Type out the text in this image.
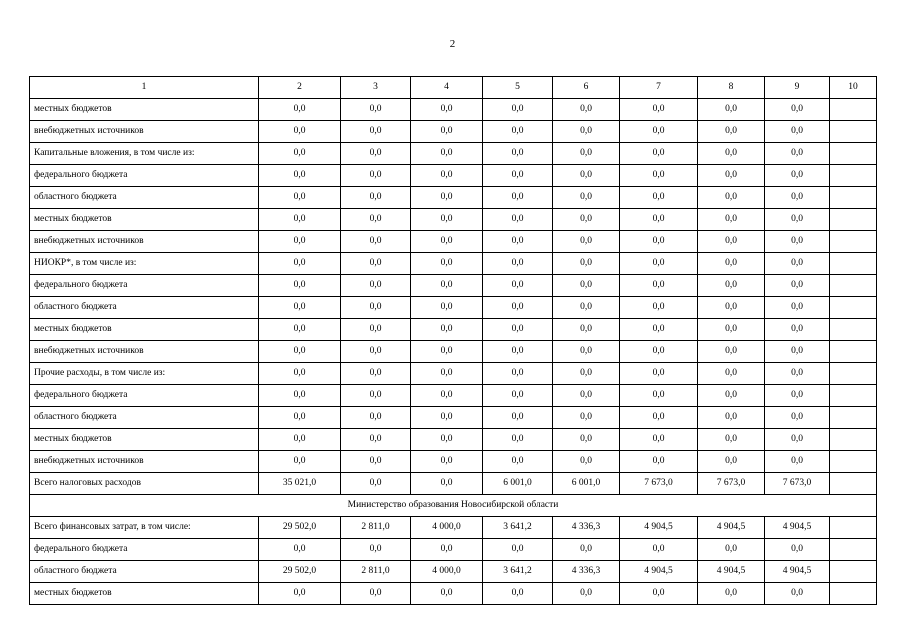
2
1	2	3	4	5	6	7	8	9	10
местных бюджетов	0,0	0,0	0,0	0,0	0,0	0,0	0,0	0,0	
внебюджетных источников	0,0	0,0	0,0	0,0	0,0	0,0	0,0	0,0	
Капитальные вложения, в том числе из:	0,0	0,0	0,0	0,0	0,0	0,0	0,0	0,0	
федерального бюджета	0,0	0,0	0,0	0,0	0,0	0,0	0,0	0,0	
областного бюджета	0,0	0,0	0,0	0,0	0,0	0,0	0,0	0,0	
местных бюджетов	0,0	0,0	0,0	0,0	0,0	0,0	0,0	0,0	
внебюджетных источников	0,0	0,0	0,0	0,0	0,0	0,0	0,0	0,0	
НИОКР*, в том числе из:	0,0	0,0	0,0	0,0	0,0	0,0	0,0	0,0	
федерального бюджета	0,0	0,0	0,0	0,0	0,0	0,0	0,0	0,0	
областного бюджета	0,0	0,0	0,0	0,0	0,0	0,0	0,0	0,0	
местных бюджетов	0,0	0,0	0,0	0,0	0,0	0,0	0,0	0,0	
внебюджетных источников	0,0	0,0	0,0	0,0	0,0	0,0	0,0	0,0	
Прочие расходы, в том числе из:	0,0	0,0	0,0	0,0	0,0	0,0	0,0	0,0	
федерального бюджета	0,0	0,0	0,0	0,0	0,0	0,0	0,0	0,0	
областного бюджета	0,0	0,0	0,0	0,0	0,0	0,0	0,0	0,0	
местных бюджетов	0,0	0,0	0,0	0,0	0,0	0,0	0,0	0,0	
внебюджетных источников	0,0	0,0	0,0	0,0	0,0	0,0	0,0	0,0	
Всего налоговых расходов	35 021,0	0,0	0,0	6 001,0	6 001,0	7 673,0	7 673,0	7 673,0	
Министерство образования Новосибирской области									
Всего финансовых затрат, в том числе:	29 502,0	2 811,0	4 000,0	3 641,2	4 336,3	4 904,5	4 904,5	4 904,5	
федерального бюджета	0,0	0,0	0,0	0,0	0,0	0,0	0,0	0,0	
областного бюджета	29 502,0	2 811,0	4 000,0	3 641,2	4 336,3	4 904,5	4 904,5	4 904,5	
местных бюджетов	0,0	0,0	0,0	0,0	0,0	0,0	0,0	0,0	
